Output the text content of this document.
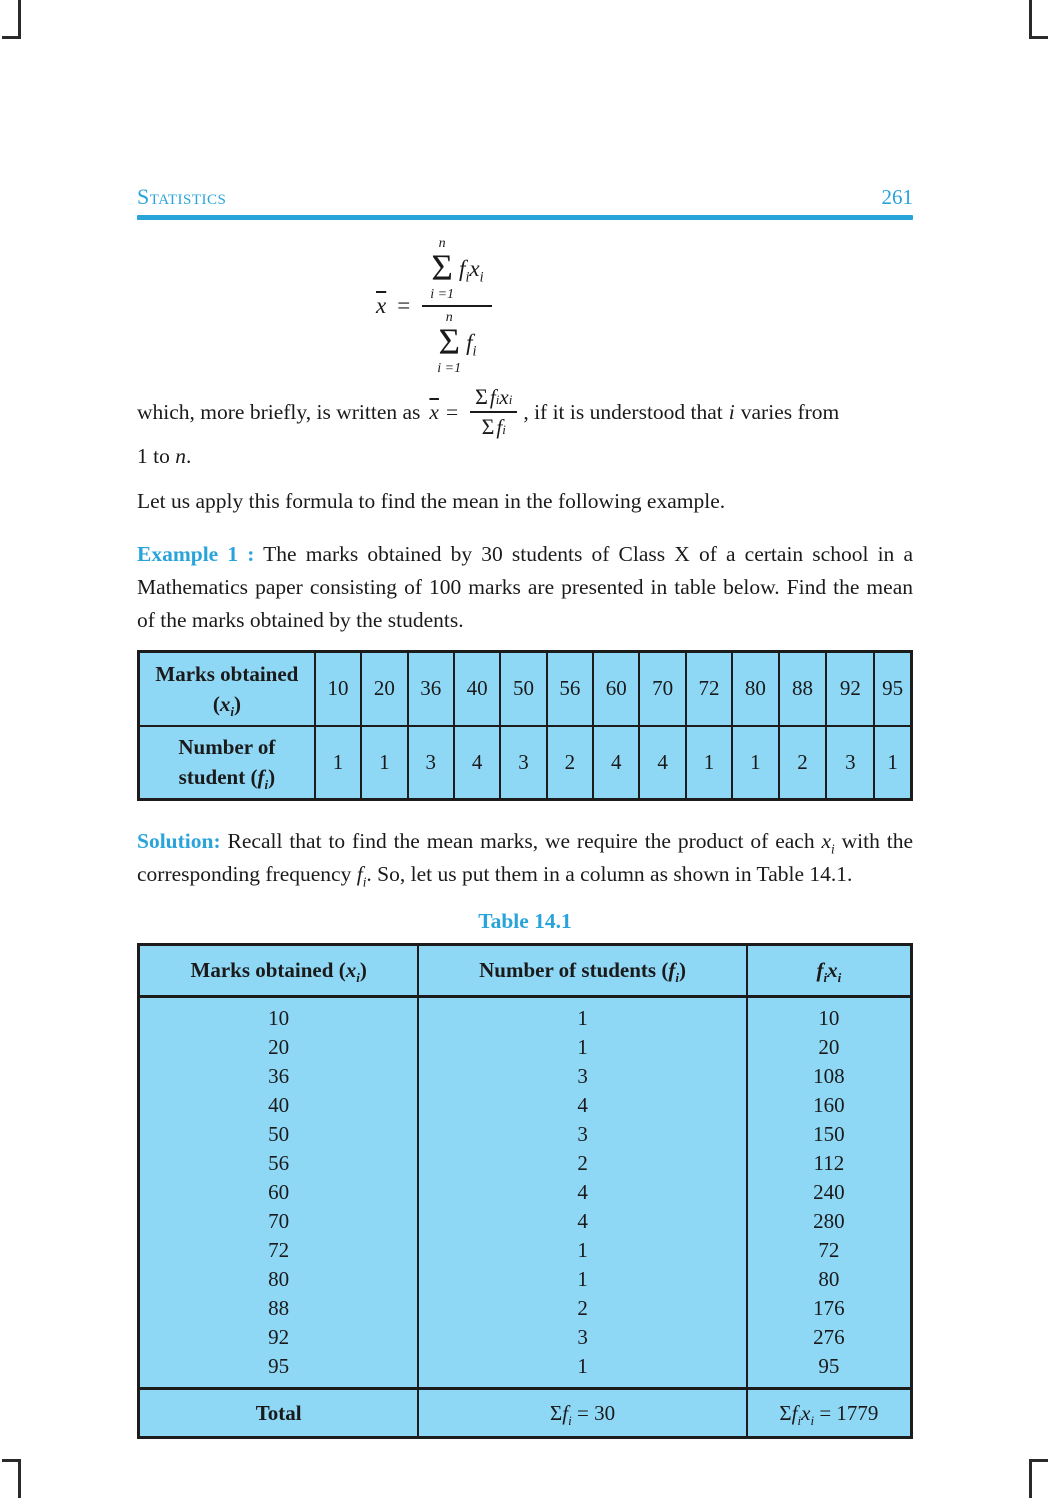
Statistics	261
$\overline{x} = n$
Σ
i =1
$f_ix_i$
n
Σ
i =1
$f_i$
which, more briefly, is written as $\overline{x}$ =
Σ f i x i
Σ f i
, if it is understood that i varies from
1 to n.
Let us apply this formula to find the mean in the following example.
Example 1 : The marks obtained by 30 students of Class X of a certain school in a Mathematics paper consisting of 100 marks are presented in table below. Find the mean of the marks obtained by the students.
Marks obtained
$(x_i)$	10	20	36	40	50	56	60	70	72	80	88	92	95
Number of
student $(f_i)$	1	1	3	4	3	2	4	4	1	1	2	3	1
Solution: Recall that to find the mean marks, we require the product of each $x_i$ with the corresponding frequency $f_i$. So, let us put them in a column as shown in Table 14.1.
Table 14.1
Marks obtained $(x_i)$	Number of students $(f_i)$	$f_ix_i$
10	1	10
20	1	20
36	3	108
40	4	160
50	3	150
56	2	112
60	4	240
70	4	280
72	1	72
80	1	80
88	2	176
92	3	276
95	1	95
Total	$\Sigma f_i = 30$	$\Sigma f_ix_i = 1779$
